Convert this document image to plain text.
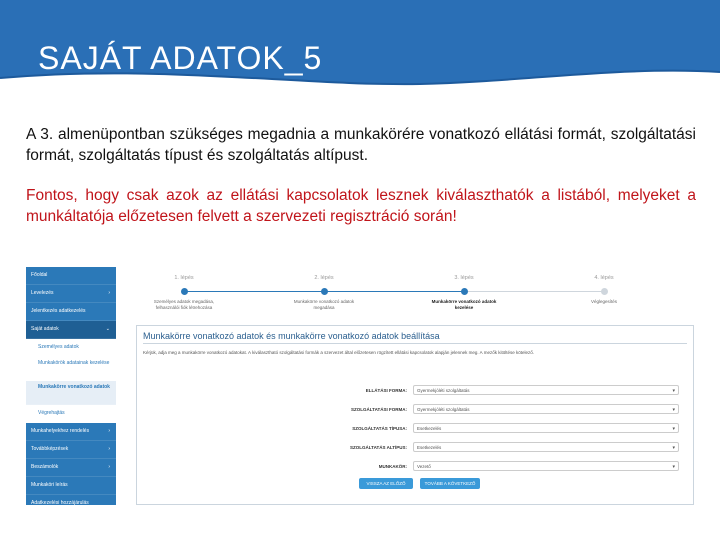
SAJÁT ADATOK_5
A 3. almenüpontban szükséges megadnia a munkakörére vonatkozó ellátási formát, szolgáltatási formát, szolgáltatás típust és szolgáltatás altípust.
Fontos, hogy csak azok az ellátási kapcsolatok lesznek kiválaszthatók a listából, melyeket a munkáltatója előzetesen felvett a szervezeti regisztráció során!
Főoldal
Levelezés	›
Jelentkezés adatkezelés
Saját adatok	⌄
Személyes adatok
Munkakörök adatainak kezelése
Munkakörre vonatkozó adatok
Végrehajtás
Munkahelyekhez rendelés	›
Továbbképzések	›
Beszámolók	›
Munkaköri leírás
Adatkezelési hozzájárulás
Jelentkezési lapok
Kijelentkezés
1. lépés
Személyes adatok megadása, felhasználói fiók létrehozása
2. lépés
Munkakörre vonatkozó adatok megadása
3. lépés
Munkakörre vonatkozó adatok kezelése
4. lépés
Véglegesítés
Munkakörre vonatkozó adatok és munkakörre vonatkozó adatok beállítása
Kérjük, adja meg a munkakörre vonatkozó adatokat. A kiválasztható szolgáltatási formák a szervezet által előzetesen rögzített ellátási kapcsolatok alapján jelennek meg. A mezők kitöltése kötelező.
ELLÁTÁSI FORMA:	Gyermekjóléti szolgáltatás	▾
SZOLGÁLTATÁSI FORMA:	Gyermekjóléti szolgáltatás	▾
SZOLGÁLTATÁS TÍPUSA:	Esetkezelés	▾
SZOLGÁLTATÁS ALTÍPUS:	Esetkezelés	▾
MUNKAKÖR:	Vezető	▾
VISSZA AZ ELŐZŐ LÉPÉSHEZ
TOVÁBB A KÖVETKEZŐ LÉPÉSHEZ
